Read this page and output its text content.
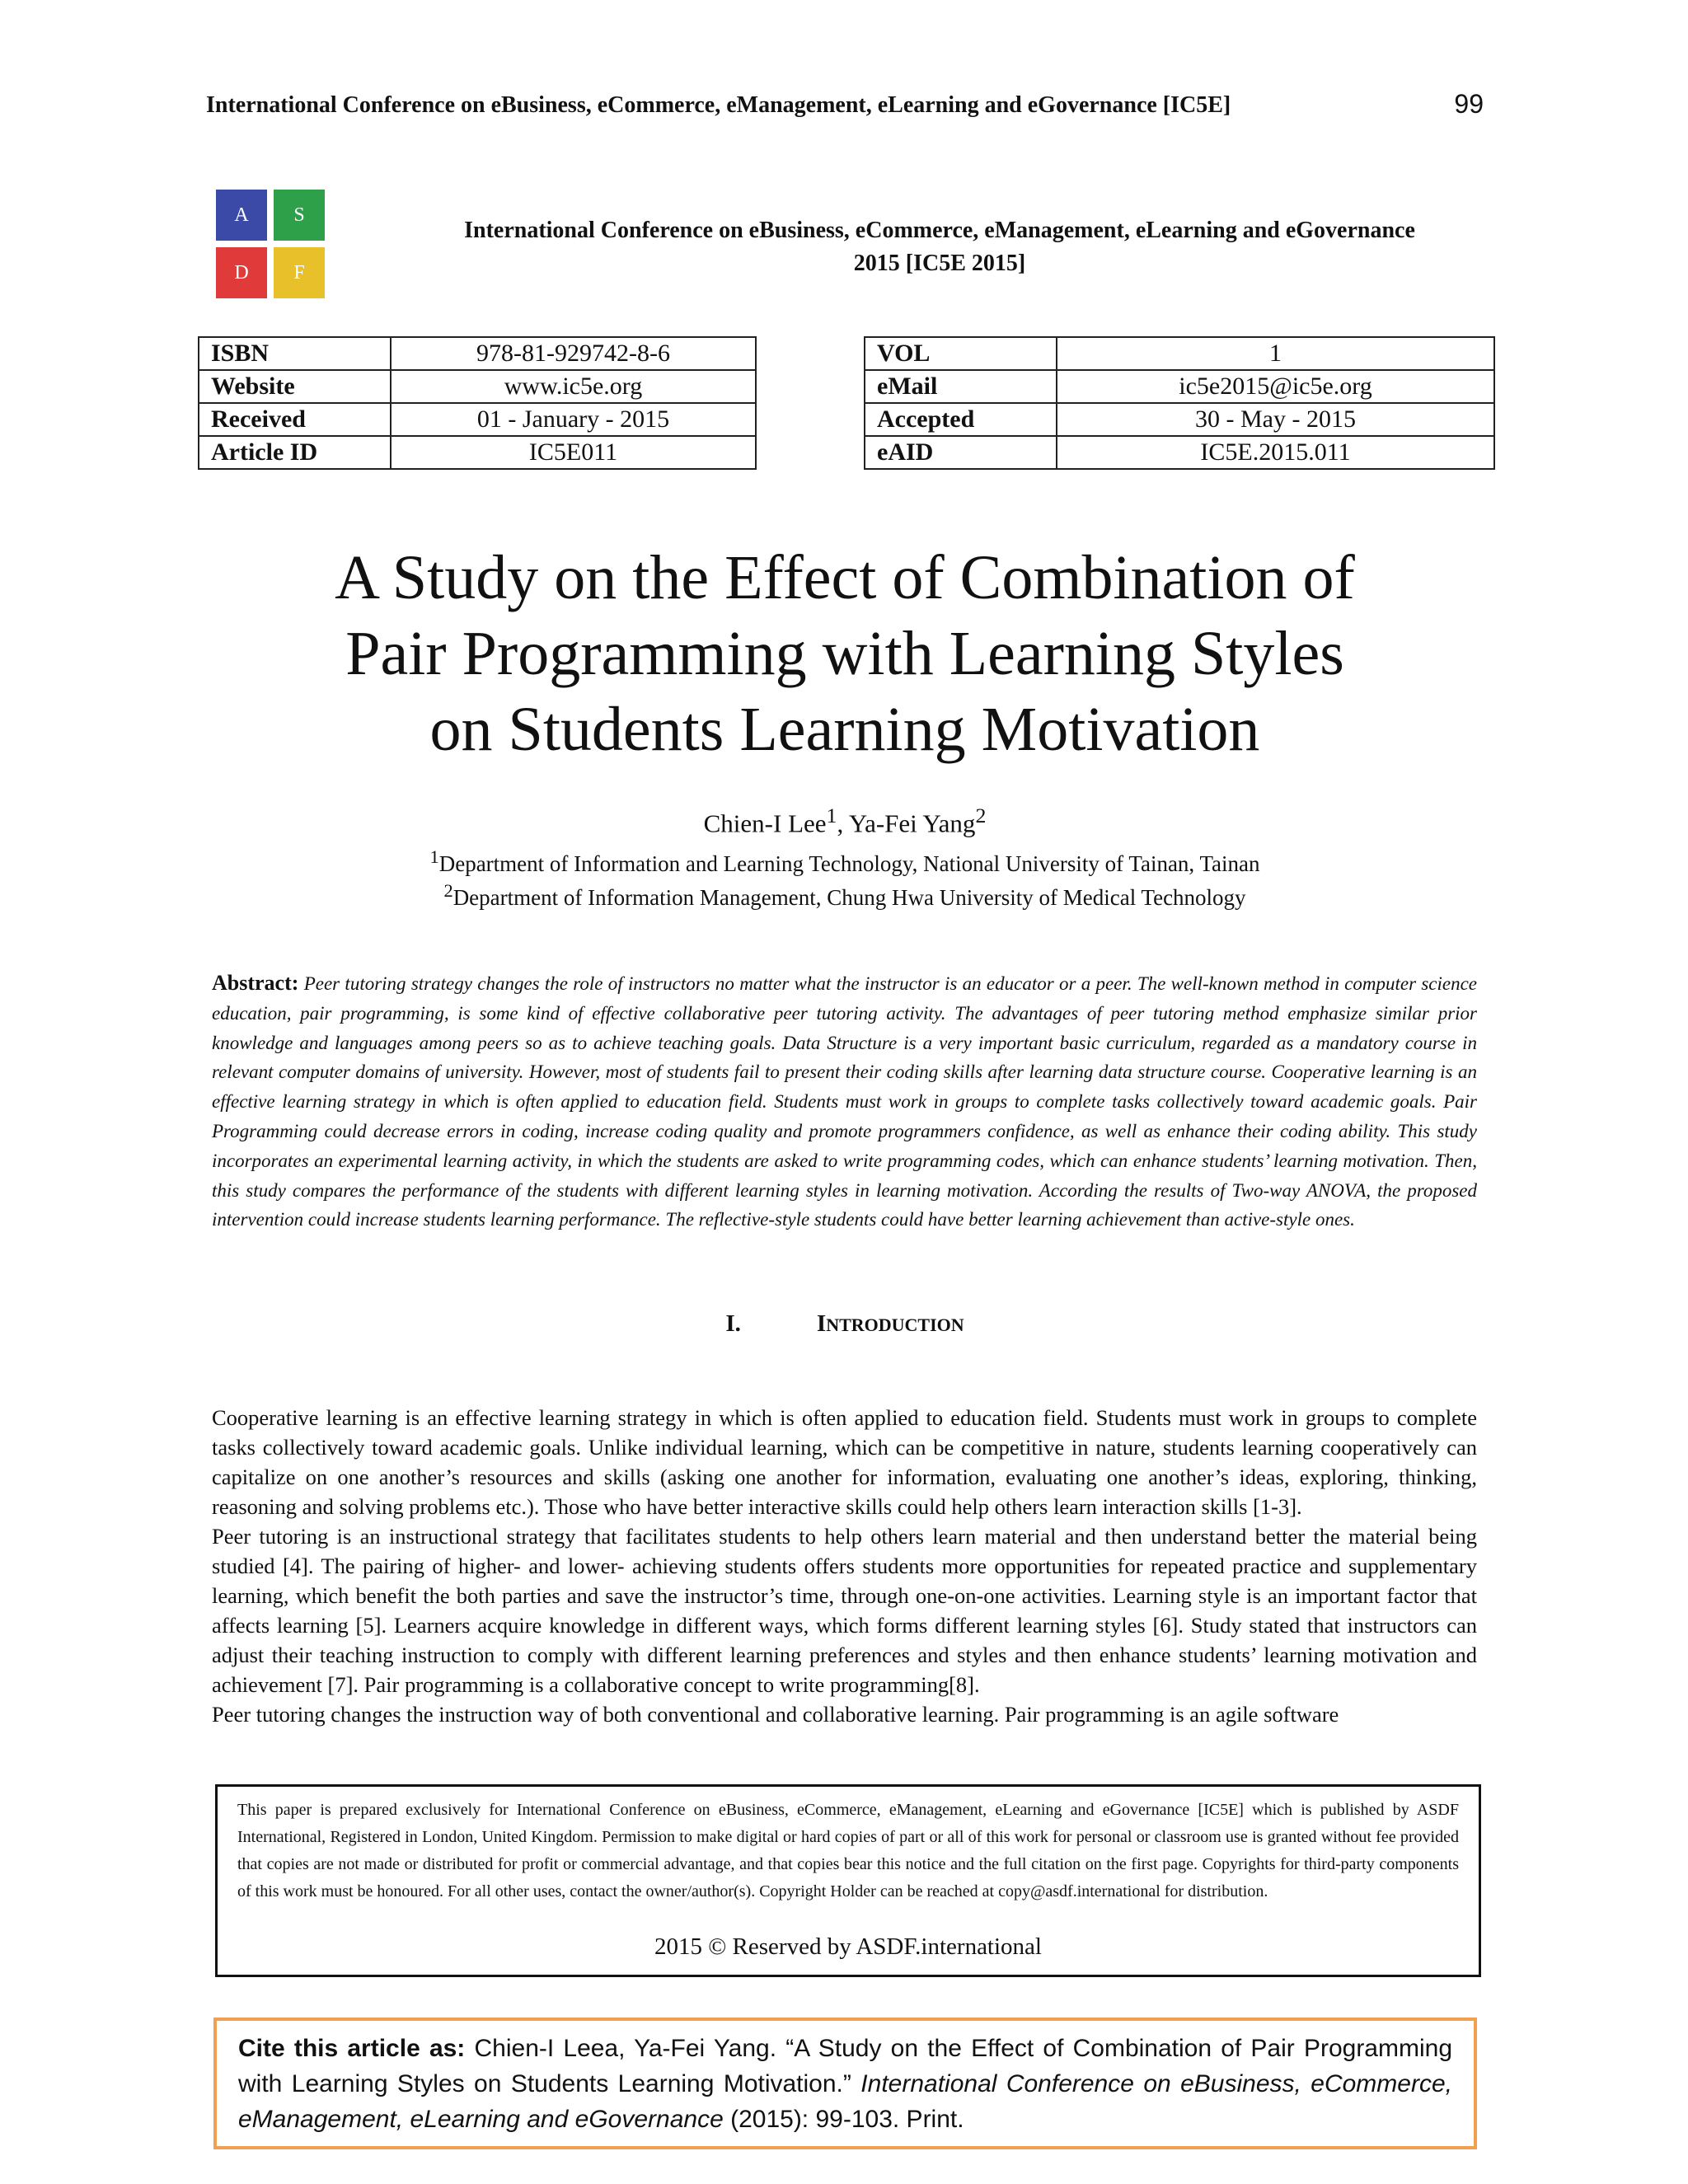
International Conference on eBusiness, eCommerce, eManagement, eLearning and eGovernance [IC5E]	99
A	S
D	F
International Conference on eBusiness, eCommerce, eManagement, eLearning and eGovernance
2015 [IC5E 2015]
ISBN	978-81-929742-8-6
Website	www.ic5e.org
Received	01 - January - 2015
Article ID	IC5E011
VOL	1
eMail	ic5e2015@ic5e.org
Accepted	30 - May - 2015
eAID	IC5E.2015.011
A Study on the Effect of Combination of
Pair Programming with Learning Styles
on Students Learning Motivation
Chien-I Lee$^1$, Ya-Fei Yang$^2$
$^1$Department of Information and Learning Technology, National University of Tainan, Tainan
$^2$Department of Information Management, Chung Hwa University of Medical Technology
Abstract: Peer tutoring strategy changes the role of instructors no matter what the instructor is an educator or a peer. The well-known method in computer science education, pair programming, is some kind of effective collaborative peer tutoring activity. The advantages of peer tutoring method emphasize similar prior knowledge and languages among peers so as to achieve teaching goals. Data Structure is a very important basic curriculum, regarded as a mandatory course in relevant computer domains of university. However, most of students fail to present their coding skills after learning data structure course. Cooperative learning is an effective learning strategy in which is often applied to education field. Students must work in groups to complete tasks collectively toward academic goals. Pair Programming could decrease errors in coding, increase coding quality and promote programmers confidence, as well as enhance their coding ability. This study incorporates an experimental learning activity, in which the students are asked to write programming codes, which can enhance students’ learning motivation. Then, this study compares the performance of the students with different learning styles in learning motivation. According the results of Two-way ANOVA, the proposed intervention could increase students learning performance. The reflective-style students could have better learning achievement than active-style ones.
I.	INTRODUCTION

Cooperative learning is an effective learning strategy in which is often applied to education field. Students must work in groups to complete tasks collectively toward academic goals. Unlike individual learning, which can be competitive in nature, students learning cooperatively can capitalize on one another’s resources and skills (asking one another for information, evaluating one another’s ideas, exploring, thinking, reasoning and solving problems etc.). Those who have better interactive skills could help others learn interaction skills [1-3].

Peer tutoring is an instructional strategy that facilitates students to help others learn material and then understand better the material being studied [4]. The pairing of higher- and lower- achieving students offers students more opportunities for repeated practice and supplementary learning, which benefit the both parties and save the instructor’s time, through one-on-one activities. Learning style is an important factor that affects learning [5]. Learners acquire knowledge in different ways, which forms different learning styles [6]. Study stated that instructors can adjust their teaching instruction to comply with different learning preferences and styles and then enhance students’ learning motivation and achievement [7]. Pair programming is a collaborative concept to write programming[8].

Peer tutoring changes the instruction way of both conventional and collaborative learning. Pair programming is an agile software

This paper is prepared exclusively for International Conference on eBusiness, eCommerce, eManagement, eLearning and eGovernance [IC5E] which is published by ASDF International, Registered in London, United Kingdom. Permission to make digital or hard copies of part or all of this work for personal or classroom use is granted without fee provided that copies are not made or distributed for profit or commercial advantage, and that copies bear this notice and the full citation on the first page. Copyrights for third-party components of this work must be honoured. For all other uses, contact the owner/author(s). Copyright Holder can be reached at copy@asdf.international for distribution.
2015 © Reserved by ASDF.international
Cite this article as: Chien-I Leea, Ya-Fei Yang. “A Study on the Effect of Combination of Pair Programming with Learning Styles on Students Learning Motivation.” International Conference on eBusiness, eCommerce, eManagement, eLearning and eGovernance (2015): 99-103. Print.
